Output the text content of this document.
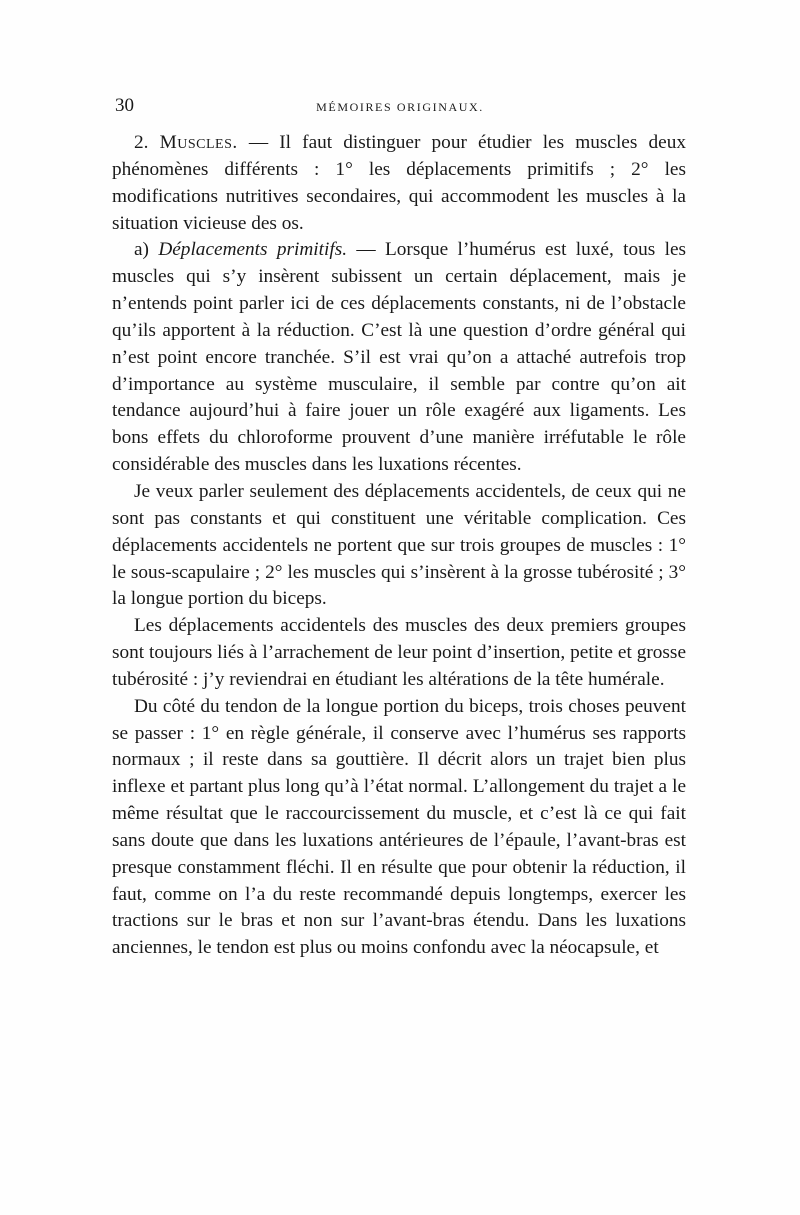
30	MÉMOIRES ORIGINAUX.

2. Muscles. — Il faut distinguer pour étudier les muscles deux phénomènes différents : 1° les déplacements primitifs ; 2° les modifications nutritives secondaires, qui accommodent les muscles à la situation vicieuse des os.

a) Déplacements primitifs. — Lorsque l’humérus est luxé, tous les muscles qui s’y insèrent subissent un certain déplacement, mais je n’entends point parler ici de ces déplacements constants, ni de l’obstacle qu’ils apportent à la réduction. C’est là une question d’ordre général qui n’est point encore tranchée. S’il est vrai qu’on a attaché autrefois trop d’importance au système musculaire, il semble par contre qu’on ait tendance aujourd’hui à faire jouer un rôle exagéré aux ligaments. Les bons effets du chloroforme prouvent d’une manière irréfutable le rôle considérable des muscles dans les luxations récentes.

Je veux parler seulement des déplacements accidentels, de ceux qui ne sont pas constants et qui constituent une véritable complication. Ces déplacements accidentels ne portent que sur trois groupes de muscles : 1° le sous-scapulaire ; 2° les muscles qui s’insèrent à la grosse tubérosité ; 3° la longue portion du biceps.

Les déplacements accidentels des muscles des deux premiers groupes sont toujours liés à l’arrachement de leur point d’insertion, petite et grosse tubérosité : j’y reviendrai en étudiant les altérations de la tête humérale.

Du côté du tendon de la longue portion du biceps, trois choses peuvent se passer : 1° en règle générale, il conserve avec l’humérus ses rapports normaux ; il reste dans sa gouttière. Il décrit alors un trajet bien plus inflexe et partant plus long qu’à l’état normal. L’allongement du trajet a le même résultat que le raccourcissement du muscle, et c’est là ce qui fait sans doute que dans les luxations antérieures de l’épaule, l’avant-bras est presque constamment fléchi. Il en résulte que pour obtenir la réduction, il faut, comme on l’a du reste recommandé depuis longtemps, exercer les tractions sur le bras et non sur l’avant-bras étendu. Dans les luxations anciennes, le tendon est plus ou moins confondu avec la néocapsule, et
